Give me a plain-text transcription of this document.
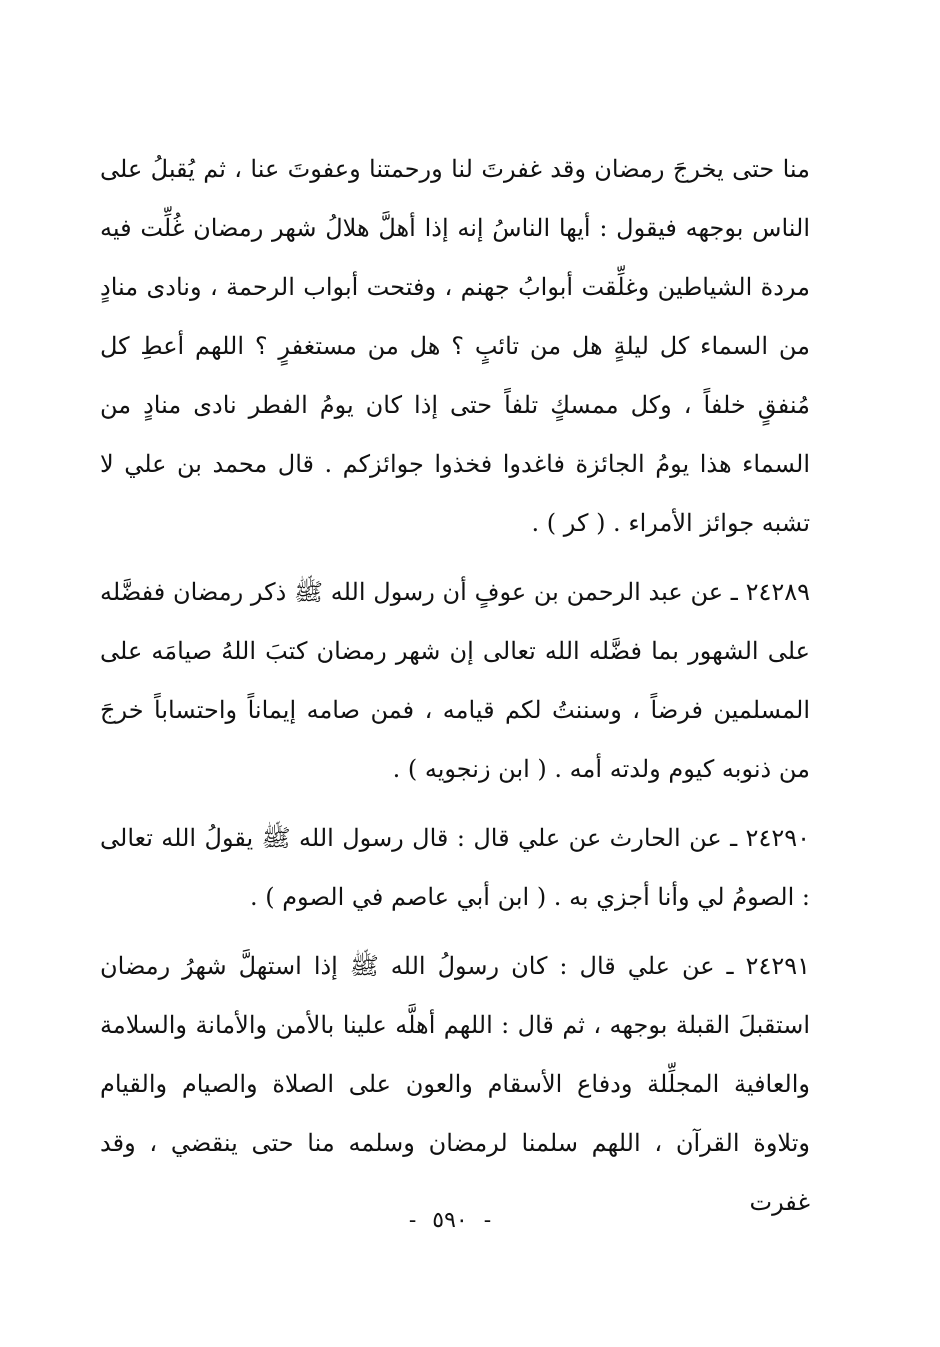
منا حتى يخرجَ رمضان وقد غفرتَ لنا ورحمتنا وعفوتَ عنا ، ثم يُقبلُ على الناس بوجهه فيقول : أيها الناسُ إنه إذا أهلَّ هلالُ شهر رمضان غُلِّت فيه مردة الشياطين وغلِّقت أبوابُ جهنم ، وفتحت أبواب الرحمة ، ونادى منادٍ من السماء كل ليلةٍ هل من تائبٍ ؟ هل من مستغفرٍ ؟ اللهم أعطِ كل مُنفقٍ خلفاً ، وكل ممسكٍ تلفاً حتى إذا كان يومُ الفطر نادى منادٍ من السماء هذا يومُ الجائزة فاغدوا فخذوا جوائزكم . قال محمد بن علي لا تشبه جوائز الأمراء . ( كر ) .

٢٤٢٨٩ ـ عن عبد الرحمن بن عوفٍ أن رسول الله ﷺ ذكر رمضان ففضَّله على الشهور بما فضَّله الله تعالى إن شهر رمضان كتبَ اللهُ صيامَه على المسلمين فرضاً ، وسننتُ لكم قيامه ، فمن صامه إيماناً واحتساباً خرجَ من ذنوبه كيوم ولدته أمه . ( ابن زنجويه ) .

٢٤٢٩٠ ـ عن الحارث عن علي قال : قال رسول الله ﷺ يقولُ الله تعالى : الصومُ لي وأنا أجزي به . ( ابن أبي عاصم في الصوم ) .

٢٤٢٩١ ـ عن علي قال : كان رسولُ الله ﷺ إذا استهلَّ شهرُ رمضان استقبلَ القبلة بوجهه ، ثم قال : اللهم أهلَّه علينا بالأمن والأمانة والسلامة والعافية المجلِّلة ودفاع الأسقام والعون على الصلاة والصيام والقيام وتلاوة القرآن ، اللهم سلمنا لرمضان وسلمه منا حتى ينقضي ، وقد غفرت

-٥٩٠-
